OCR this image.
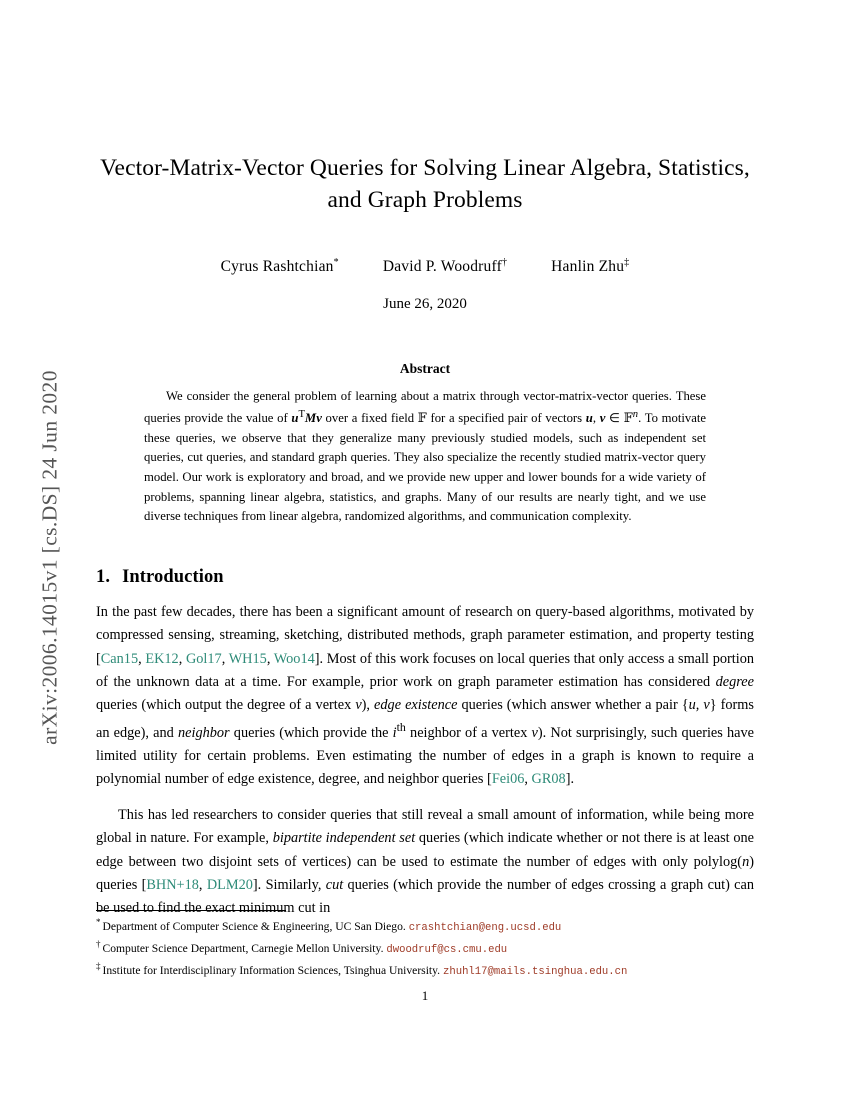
arXiv:2006.14015v1 [cs.DS] 24 Jun 2020
Vector-Matrix-Vector Queries for Solving Linear Algebra, Statistics,
and Graph Problems
Cyrus Rashtchian*	David P. Woodruff†	Hanlin Zhu‡
June 26, 2020
Abstract
We consider the general problem of learning about a matrix through vector-matrix-vector queries. These queries provide the value of $u^TMv$ over a fixed field 𝔽 for a specified pair of vectors u, v ∈ 𝔽$^n$. To motivate these queries, we observe that they generalize many previously studied models, such as independent set queries, cut queries, and standard graph queries. They also specialize the recently studied matrix-vector query model. Our work is exploratory and broad, and we provide new upper and lower bounds for a wide variety of problems, spanning linear algebra, statistics, and graphs. Many of our results are nearly tight, and we use diverse techniques from linear algebra, randomized algorithms, and communication complexity.
1. Introduction

In the past few decades, there has been a significant amount of research on query-based algorithms, motivated by compressed sensing, streaming, sketching, distributed methods, graph parameter estimation, and property testing [Can15, EK12, Gol17, WH15, Woo14]. Most of this work focuses on local queries that only access a small portion of the unknown data at a time. For example, prior work on graph parameter estimation has considered degree queries (which output the degree of a vertex v), edge existence queries (which answer whether a pair {u, v} forms an edge), and neighbor queries (which provide the $i^{th}$ neighbor of a vertex v). Not surprisingly, such queries have limited utility for certain problems. Even estimating the number of edges in a graph is known to require a polynomial number of edge existence, degree, and neighbor queries [Fei06, GR08].

This has led researchers to consider queries that still reveal a small amount of information, while being more global in nature. For example, bipartite independent set queries (which indicate whether or not there is at least one edge between two disjoint sets of vertices) can be used to estimate the number of edges with only polylog(n) queries [BHN+18, DLM20]. Similarly, cut queries (which provide the number of edges crossing a graph cut) can be used to find the exact minimum cut in

* Department of Computer Science & Engineering, UC San Diego. crashtchian@eng.ucsd.edu
† Computer Science Department, Carnegie Mellon University. dwoodruf@cs.cmu.edu
‡ Institute for Interdisciplinary Information Sciences, Tsinghua University. zhuhl17@mails.tsinghua.edu.cn
1
